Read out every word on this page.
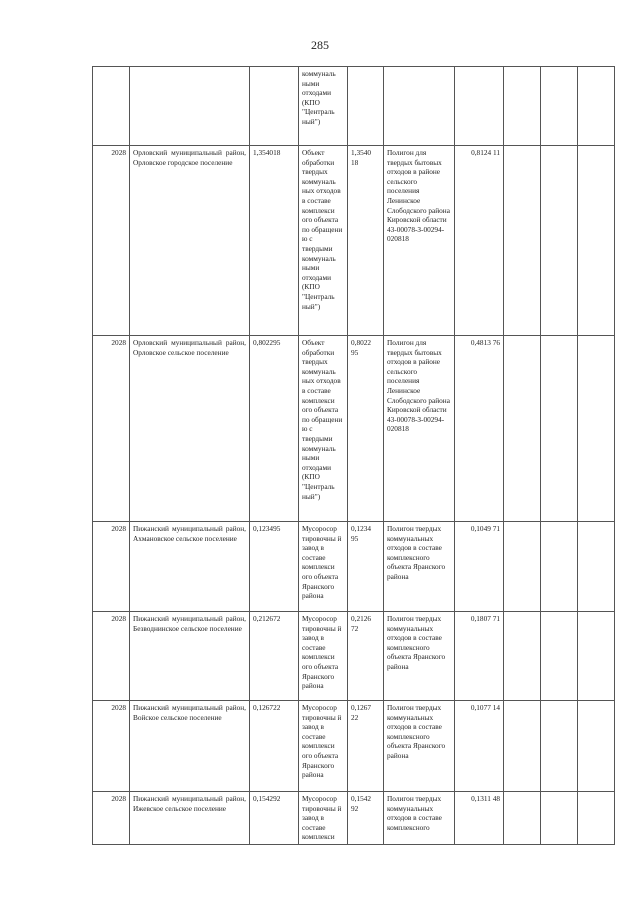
285
			коммуналь ными отходами (КПО "Централь ный")						
2028	Орловский муниципальный район, Орловское городское поселение	1,354018	Объект обработки твердых коммуналь ных отходов в составе комплекси ого объекта по обращени ю с твердыми коммуналь ными отходами (КПО "Централь ный")	1,3540 18	Полигон для твердых бытовых отходов в районе сельского поселения Ленинское Слободского района Кировской области 43-00078-З-00294-020818	0,8124 11			
2028	Орловский муниципальный район, Орловское сельское поселение	0,802295	Объект обработки твердых коммуналь ных отходов в составе комплекси ого объекта по обращени ю с твердыми коммуналь ными отходами (КПО "Централь ный")	0,8022 95	Полигон для твердых бытовых отходов в районе сельского поселения Ленинское Слободского района Кировской области 43-00078-З-00294-020818	0,4813 76			
2028	Пижанский муниципальный район, Ахмановское сельское поселение	0,123495	Мусоросор тировочны й завод в составе комплекси ого объекта Яранского района	0,1234 95	Полигон твердых коммунальных отходов в составе комплексного объекта Яранского района	0,1049 71			
2028	Пижанский муниципальный район, Безводнинское сельское поселение	0,212672	Мусоросор тировочны й завод в составе комплекси ого объекта Яранского района	0,2126 72	Полигон твердых коммунальных отходов в составе комплексного объекта Яранского района	0,1807 71			
2028	Пижанский муниципальный район, Войское сельское поселение	0,126722	Мусоросор тировочны й завод в составе комплекси ого объекта Яранского района	0,1267 22	Полигон твердых коммунальных отходов в составе комплексного объекта Яранского района	0,1077 14			
2028	Пижанский муниципальный район, Ижевское сельское поселение	0,154292	Мусоросор тировочны й завод в составе комплекси	0,1542 92	Полигон твердых коммунальных отходов в составе комплексного	0,1311 48			
